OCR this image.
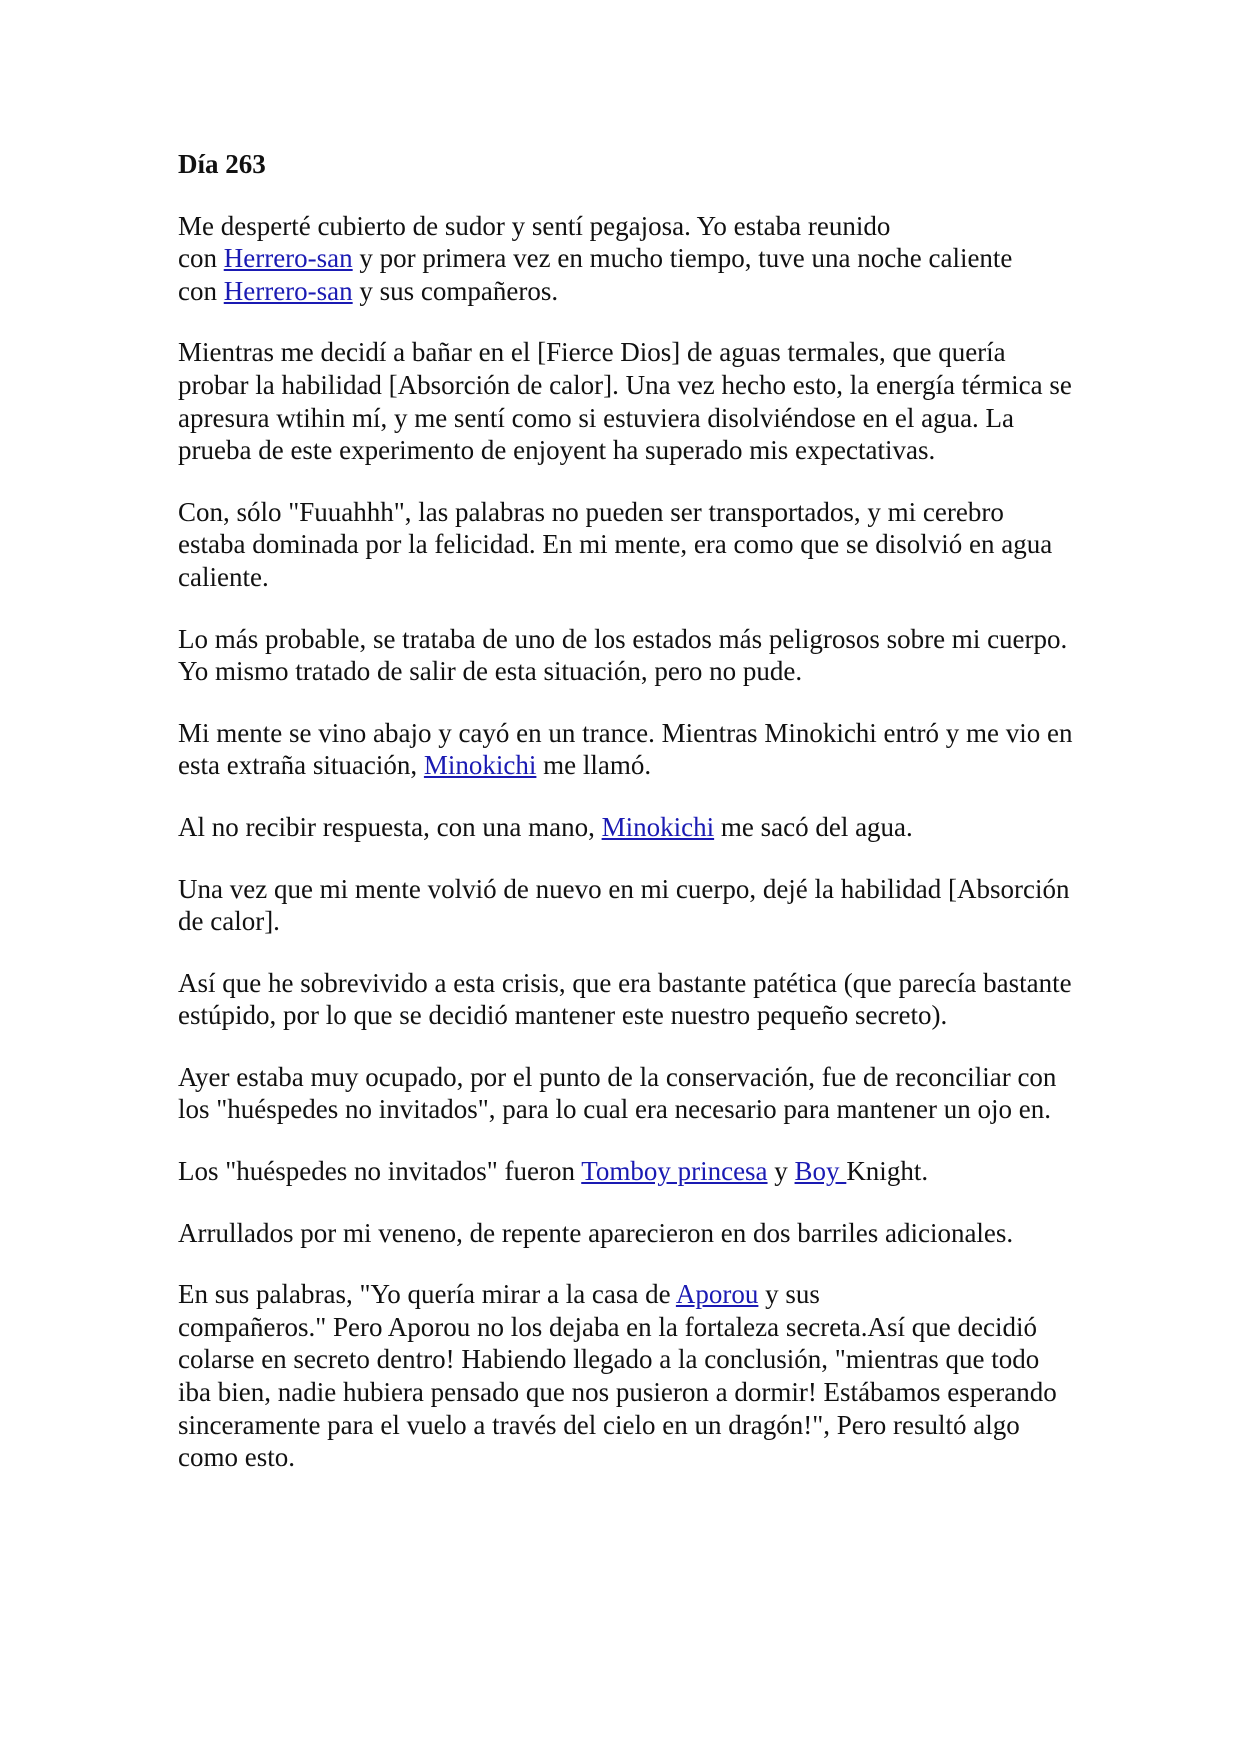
Día 263

Me desperté cubierto de sudor y sentí pegajosa. Yo estaba reunido
con Herrero-san y por primera vez en mucho tiempo, tuve una noche caliente
con Herrero-san y sus compañeros.

Mientras me decidí a bañar en el [Fierce Dios] de aguas termales, que quería probar la habilidad [Absorción de calor]. Una vez hecho esto, la energía térmica se apresura wtihin mí, y me sentí como si estuviera disolviéndose en el agua. La prueba de este experimento de enjoyent ha superado mis expectativas.

Con, sólo "Fuuahhh", las palabras no pueden ser transportados, y mi cerebro estaba dominada por la felicidad. En mi mente, era como que se disolvió en agua caliente.

Lo más probable, se trataba de uno de los estados más peligrosos sobre mi cuerpo. Yo mismo tratado de salir de esta situación, pero no pude.

Mi mente se vino abajo y cayó en un trance. Mientras Minokichi entró y me vio en esta extraña situación, Minokichi me llamó.

Al no recibir respuesta, con una mano, Minokichi me sacó del agua.

Una vez que mi mente volvió de nuevo en mi cuerpo, dejé la habilidad [Absorción de calor].

Así que he sobrevivido a esta crisis, que era bastante patética (que parecía bastante estúpido, por lo que se decidió mantener este nuestro pequeño secreto).

Ayer estaba muy ocupado, por el punto de la conservación, fue de reconciliar con los "huéspedes no invitados", para lo cual era necesario para mantener un ojo en.

Los "huéspedes no invitados" fueron Tomboy princesa y Boy Knight.

Arrullados por mi veneno, de repente aparecieron en dos barriles adicionales.

En sus palabras, "Yo quería mirar a la casa de Aporou y sus
compañeros." Pero Aporou no los dejaba en la fortaleza secreta.Así que decidió colarse en secreto dentro! Habiendo llegado a la conclusión, "mientras que todo iba bien, nadie hubiera pensado que nos pusieron a dormir! Estábamos esperando sinceramente para el vuelo a través del cielo en un dragón!", Pero resultó algo como esto.
